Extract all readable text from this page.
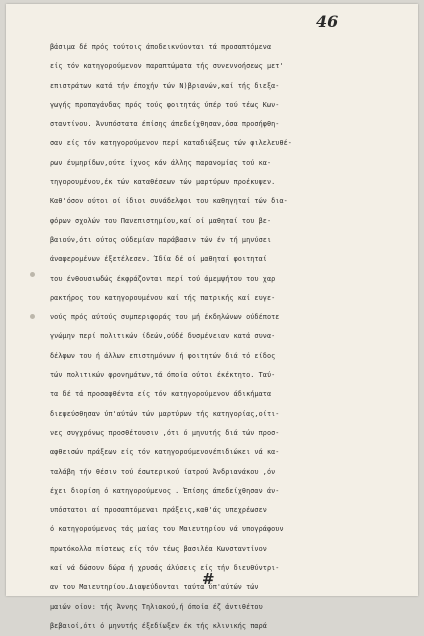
46
βάσιμα δέ πρός τούτοις άποδεικνύονται τά προσαπτόμενα
είς τόν κατηγορούμενον παραπτώματα τής συνεννοήσεως μετ'
επιστράτων κατά τήν έποχήν τών Ν)βριανών,καί τής διεξα-
γωγής προπαγάνδας πρός τούς φοιτητάς ύπέρ τού τέως Κων-
σταντίνου. Άνυπόστατα έπίσης άπεδείχθησαν,όσα προσήφθη-
σαν είς τόν κατηγορούμενον περί καταδιώξεως τών φιλελευθέ-
ρων έυμηρίδων,ούτε ίχνος κάν άλλης παρανομίας τού κα-
τηγορουμένου,έκ τών καταθέσεων τών μαρτύρων προέκυψεν.
Καθ'όσον ούτοι οί ίδιοι συνάδελφοι του καθηγηταί τών δια-
φόρων σχολών του Πανεπιστημίου,καί οί μαθηταί του βε-
βαιούν,ότι ούτος ούδεμίαν παράβασιν τών έν τή μηνύσει
άναφερομένων έξετέλεσεν. Ίδία δέ οί μαθηταί φοιτηταί
του ένθουσιωδώς έκφράζονται περί τού άμεμψήτου του χαρ
ρακτήρος του κατηγορουμένου καί τής πατρικής καί ευγε-
νούς πρός αύτούς συμπεριφοράς του μή έκδηλώνων ούδέποτε
γνώμην περί πολιτικών ίδεών,ούδέ δυσμένειαν κατά συνα-
δέλφων του ή άλλων επιστημόνων ή φοιτητών διά τό είδος
τών πολιτικών φρονημάτων,τά όποία ούτοι έκέκτητο. Ταύ-
τα δέ τά προσαφθέντα είς τόν κατηγορούμενον άδικήματα
διεψεύσθησαν ύπ'αύτών τών μαρτύρων τής κατηγορίας,οίτι-
νες συγχρόνως προσθέτουσιν ,ότι ό μηνυτής διά τών προσ-
αφθεισών πράξεων είς τόν κατηγορούμενονέπιδιώκει νά κα-
ταλάβη τήν θέσιν τού έσωτερικού ίατρού Άνδριανάκου ,όν
έχει διορίση ό κατηγορούμενος . Έπίσης άπεδείχθησαν άν-
υπόστατοι αί προσαπτόμεναι πράξεις,καθ'άς υπεχρέωσεν
ό κατηγορούμενος τάς μαίας του Μαιευτηρίου νά υπογράφουν
πρωτόκολλα πίστεως είς τόν τέως βασιλέα Κωνσταντίνον
καί νά δώσουν δώρα ή χρυσάς άλύσεις είς τήν διευθύντρι-
αν του Μαιευτηρίου.Διαψεύδονται ταύτα ύπ'αύτών τών
μαιών οίον: τής Άννης Τηλιακού,ή όποία έζ άντιθέτου
βεβαιοί,ότι ό μηνυτής έξεδίωξεν έκ τής κλινικής παρά
#
